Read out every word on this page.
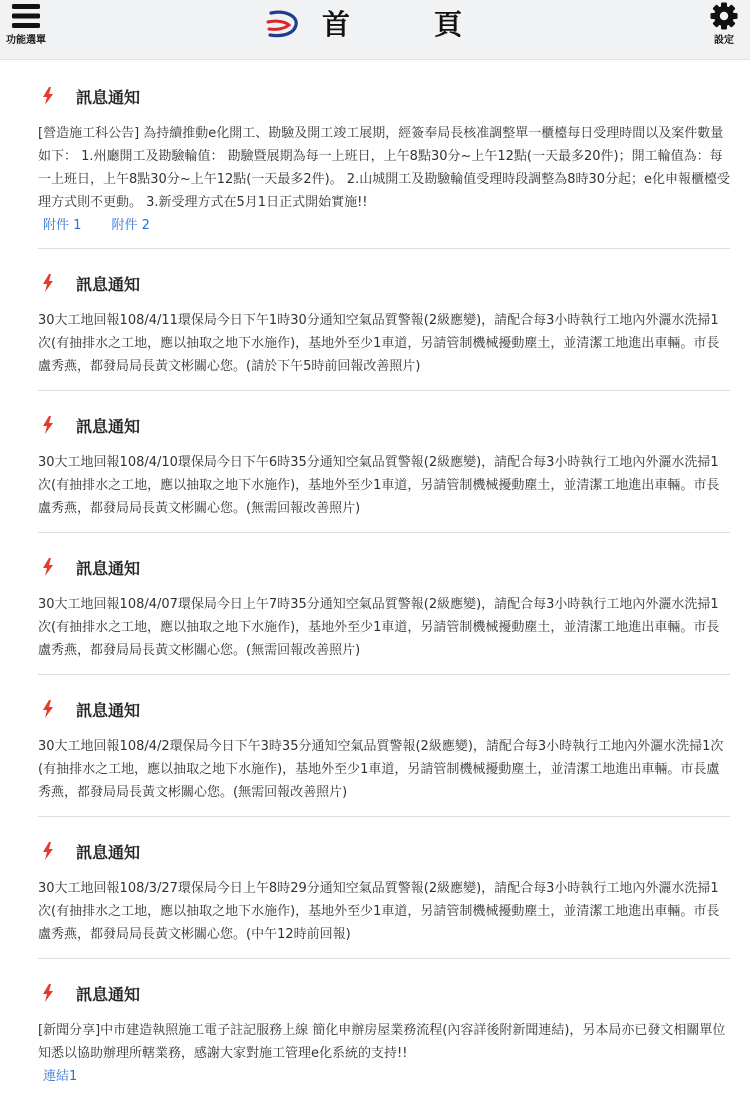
功能選單	首	頁	設定
訊息通知
[營造施工科公告] 為持續推動e化開工、勘驗及開工竣工展期，經簽奉局長核准調整單一櫃檯每日受理時間以及案件數量如下： 1.州廳開工及勘驗輪值： 勘驗暨展期為每一上班日，上午8點30分~上午12點(一天最多20件)；開工輪值為：每一上班日，上午8點30分~上午12點(一天最多2件)。 2.山城開工及勘驗輪值受理時段調整為8時30分起；e化申報櫃檯受理方式則不更動。 3.新受理方式在5月1日正式開始實施!!
附件 1 附件 2
訊息通知
30大工地回報108/4/11環保局今日下午1時30分通知空氣品質警報(2級應變)，請配合每3小時執行工地內外灑水洗掃1次(有抽排水之工地，應以抽取之地下水施作)，基地外至少1車道，另請管制機械擾動塵土，並清潔工地進出車輛。市長盧秀燕，都發局局長黃文彬關心您。(請於下午5時前回報改善照片)
訊息通知
30大工地回報108/4/10環保局今日下午6時35分通知空氣品質警報(2級應變)，請配合每3小時執行工地內外灑水洗掃1次(有抽排水之工地，應以抽取之地下水施作)，基地外至少1車道，另請管制機械擾動塵土，並清潔工地進出車輛。市長盧秀燕，都發局局長黃文彬關心您。(無需回報改善照片)
訊息通知
30大工地回報108/4/07環保局今日上午7時35分通知空氣品質警報(2級應變)，請配合每3小時執行工地內外灑水洗掃1次(有抽排水之工地，應以抽取之地下水施作)，基地外至少1車道，另請管制機械擾動塵土，並清潔工地進出車輛。市長盧秀燕，都發局局長黃文彬關心您。(無需回報改善照片)
訊息通知
30大工地回報108/4/2環保局今日下午3時35分通知空氣品質警報(2級應變)，請配合每3小時執行工地內外灑水洗掃1次(有抽排水之工地，應以抽取之地下水施作)，基地外至少1車道，另請管制機械擾動塵土，並清潔工地進出車輛。市長盧秀燕，都發局局長黃文彬關心您。(無需回報改善照片)
訊息通知
30大工地回報108/3/27環保局今日上午8時29分通知空氣品質警報(2級應變)，請配合每3小時執行工地內外灑水洗掃1次(有抽排水之工地，應以抽取之地下水施作)，基地外至少1車道，另請管制機械擾動塵土，並清潔工地進出車輛。市長盧秀燕，都發局局長黃文彬關心您。(中午12時前回報)
訊息通知
[新聞分享]中市建造執照施工電子註記服務上線 簡化申辦房屋業務流程(內容詳後附新聞連結)，另本局亦已發文相關單位知悉以協助辦理所轄業務，感謝大家對施工管理e化系統的支持!!
連結1
